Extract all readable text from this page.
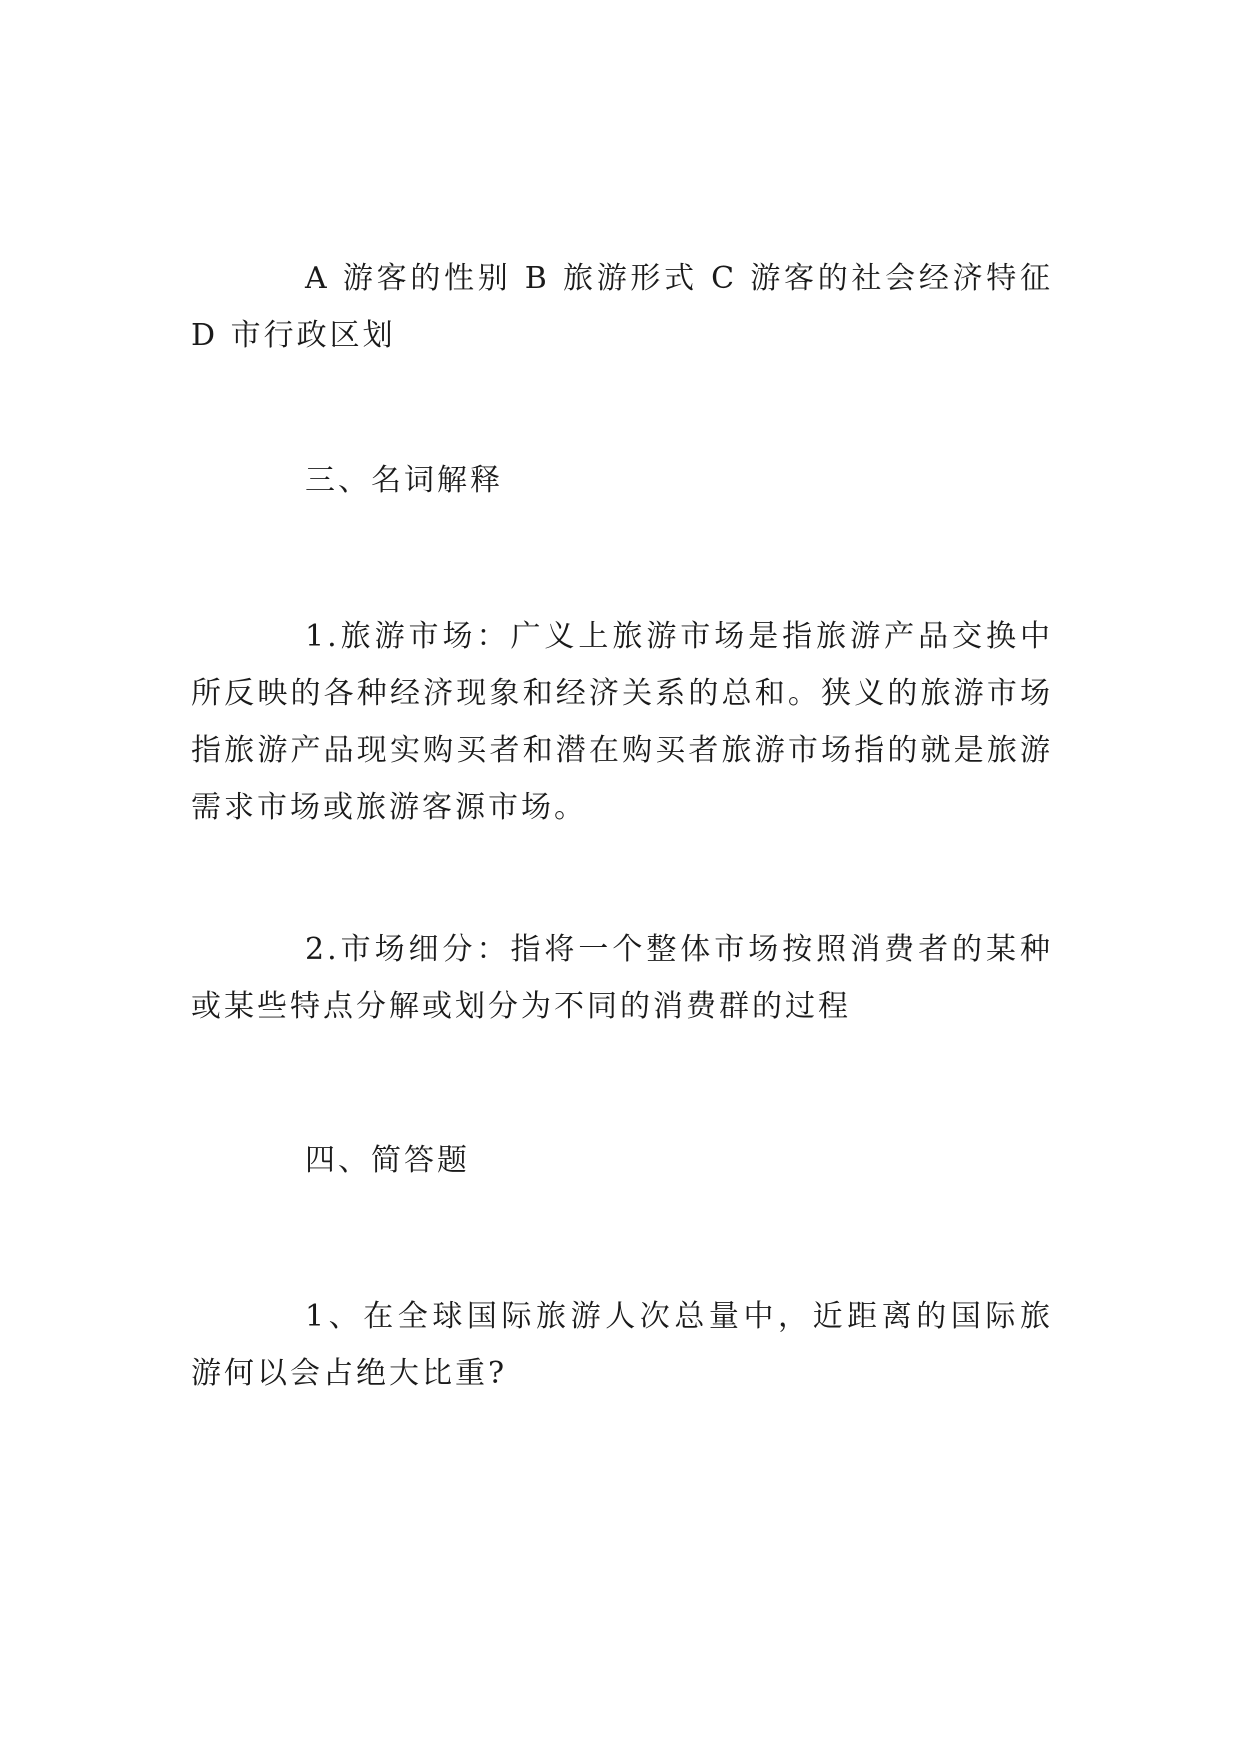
A 游客的性别 B 旅游形式 C 游客的社会经济特征 D 市行政区划

三、名词解释

1.旅游市场：广义上旅游市场是指旅游产品交换中所反映的各种经济现象和经济关系的总和。狭义的旅游市场指旅游产品现实购买者和潜在购买者旅游市场指的就是旅游需求市场或旅游客源市场。

2.市场细分：指将一个整体市场按照消费者的某种或某些特点分解或划分为不同的消费群的过程

四、简答题

1、在全球国际旅游人次总量中，近距离的国际旅游何以会占绝大比重?
